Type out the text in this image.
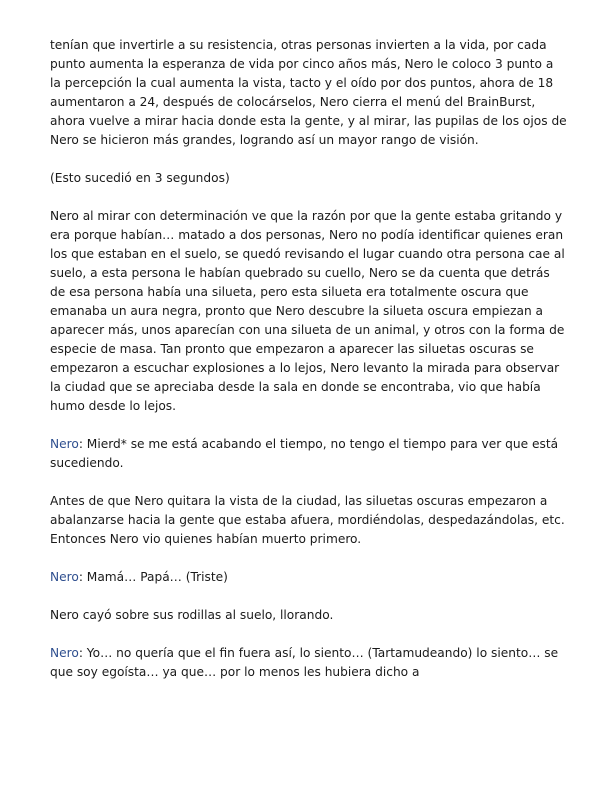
tenían que invertirle a su resistencia, otras personas invierten a la vida, por cada punto aumenta la esperanza de vida por cinco años más, Nero le coloco 3 punto a la percepción la cual aumenta la vista, tacto y el oído por dos puntos, ahora de 18 aumentaron a 24, después de colocárselos, Nero cierra el menú del BrainBurst, ahora vuelve a mirar hacia donde esta la gente, y al mirar, las pupilas de los ojos de Nero se hicieron más grandes, logrando así un mayor rango de visión.

(Esto sucedió en 3 segundos)

Nero al mirar con determinación ve que la razón por que la gente estaba gritando y era porque habían… matado a dos personas, Nero no podía identificar quienes eran los que estaban en el suelo, se quedó revisando el lugar cuando otra persona cae al suelo, a esta persona le habían quebrado su cuello, Nero se da cuenta que detrás de esa persona había una silueta, pero esta silueta era totalmente oscura que emanaba un aura negra, pronto que Nero descubre la silueta oscura empiezan a aparecer más, unos aparecían con una silueta de un animal, y otros con la forma de especie de masa. Tan pronto que empezaron a aparecer las siluetas oscuras se empezaron a escuchar explosiones a lo lejos, Nero levanto la mirada para observar la ciudad que se apreciaba desde la sala en donde se encontraba, vio que había humo desde lo lejos.

Nero: Mierd* se me está acabando el tiempo, no tengo el tiempo para ver que está sucediendo.

Antes de que Nero quitara la vista de la ciudad, las siluetas oscuras empezaron a abalanzarse hacia la gente que estaba afuera, mordiéndolas, despedazándolas, etc. Entonces Nero vio quienes habían muerto primero.

Nero: Mamá… Papá… (Triste)

Nero cayó sobre sus rodillas al suelo, llorando.

Nero: Yo… no quería que el fin fuera así, lo siento… (Tartamudeando) lo siento… se que soy egoísta… ya que… por lo menos les hubiera dicho a
